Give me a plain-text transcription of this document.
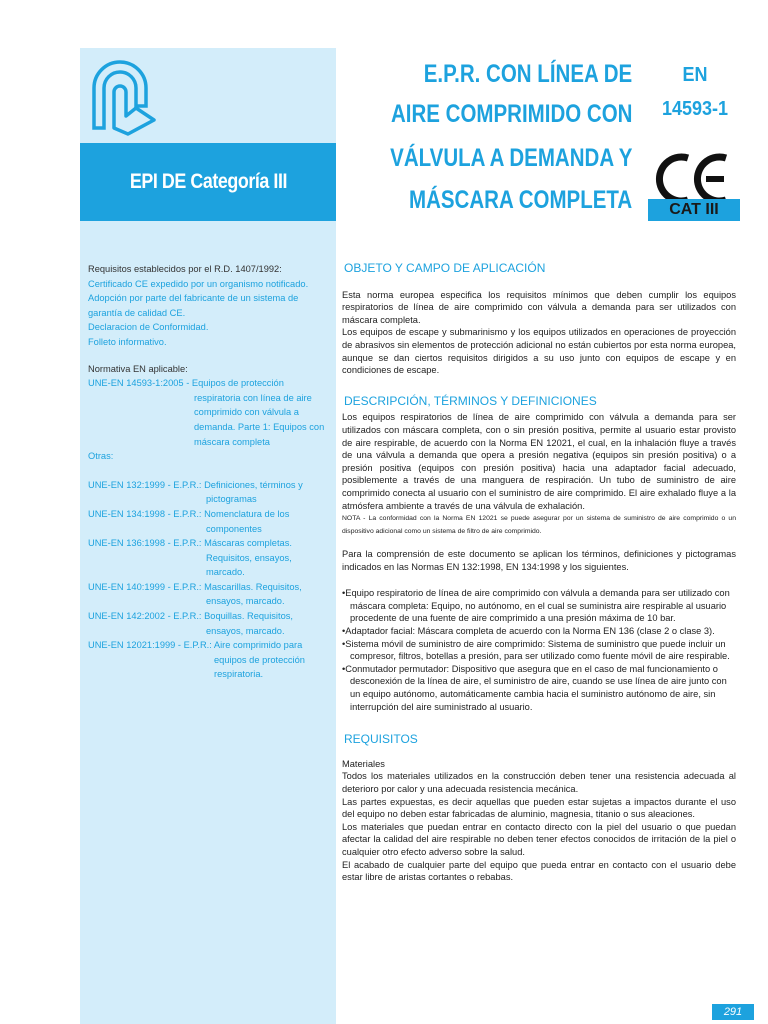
EPI DE Categoría III
E.P.R. CON LÍNEA DE
AIRE COMPRIMIDO CON
VÁLVULA A DEMANDA Y
MÁSCARA COMPLETA
EN
14593-1
CAT III
Requisitos establecidos por el R.D. 1407/1992:
Certificado CE expedido por un organismo notificado.
Adopción por parte del fabricante de un sistema de
garantía de calidad CE.
Declaracion de Conformidad.
Folleto informativo.
Normativa EN aplicable:
UNE-EN 14593-1:2005 - Equipos de protección
respiratoria con línea de aire
comprimido con válvula a
demanda. Parte 1: Equipos con
máscara completa
Otras:
UNE-EN 132:1999 - E.P.R.: Definiciones, términos y
pictogramas
UNE-EN 134:1998 - E.P.R.: Nomenclatura de los
componentes
UNE-EN 136:1998 - E.P.R.: Máscaras completas.
Requisitos, ensayos, marcado.
UNE-EN 140:1999 - E.P.R.: Mascarillas. Requisitos,
ensayos, marcado.
UNE-EN 142:2002 - E.P.R.: Boquillas. Requisitos,
ensayos, marcado.
UNE-EN 12021:1999 - E.P.R.: Aire comprimido para
equipos de protección
respiratoria.
OBJETO Y CAMPO DE APLICACIÓN

Esta norma europea especifica los requisitos mínimos que deben cumplir los equipos respiratorios de línea de aire comprimido con válvula a demanda para ser utilizados con máscara completa.

Los equipos de escape y submarinismo y los equipos utilizados en operaciones de proyección de abrasivos sin elementos de protección adicional no están cubiertos por esta norma europea, aunque se dan ciertos requisitos dirigidos a su uso junto con equipos de escape y en condiciones de escape.

DESCRIPCIÓN, TÉRMINOS Y DEFINICIONES

Los equipos respiratorios de línea de aire comprimido con válvula a demanda para ser utilizados con máscara completa, con o sin presión positiva, permite al usuario estar provisto de aire respirable, de acuerdo con la Norma EN 12021, el cual, en la inhalación fluye a través de una válvula a demanda que opera a presión negativa (equipos sin presión positiva) o a presión positiva (equipos con presión positiva) hacia una adaptador facial adecuado, posiblemente a través de una manguera de respiración. Un tubo de suministro de aire comprimido conecta al usuario con el suministro de aire comprimido. El aire exhalado fluye a la atmósfera ambiente a través de una válvula de exhalación.

NOTA - La conformidad con la Norma EN 12021 se puede asegurar por un sistema de suministro de aire comprimido o un dispositivo adicional como un sistema de filtro de aire comprimido.

Para la comprensión de este documento se aplican los términos, definiciones y pictogramas indicados en las Normas EN 132:1998, EN 134:1998 y los siguientes.

•Equipo respiratorio de línea de aire comprimido con válvula a demanda para ser utilizado con máscara completa: Equipo, no autónomo, en el cual se suministra aire respirable al usuario procedente de una fuente de aire comprimido a una presión máxima de 10 bar.
•Adaptador facial: Máscara completa de acuerdo con la Norma EN 136 (clase 2 o clase 3).
•Sistema móvil de suministro de aire comprimido: Sistema de suministro que puede incluir un compresor, filtros, botellas a presión, para ser utilizado como fuente móvil de aire respirable.
•Conmutador permutador: Dispositivo que asegura que en el caso de mal funcionamiento o desconexión de la línea de aire, el suministro de aire, cuando se use línea de aire junto con un equipo autónomo, automáticamente cambia hacia el suministro autónomo de aire, sin interrupción del aire suministrado al usuario.
REQUISITOS

Materiales

Todos los materiales utilizados en la construcción deben tener una resistencia adecuada al deterioro por calor y una adecuada resistencia mecánica.

Las partes expuestas, es decir aquellas que pueden estar sujetas a impactos durante el uso del equipo no deben estar fabricadas de aluminio, magnesia, titanio o sus aleaciones.

Los materiales que puedan entrar en contacto directo con la piel del usuario o que puedan afectar la calidad del aire respirable no deben tener efectos conocidos de irritación de la piel o cualquier otro efecto adverso sobre la salud.

El acabado de cualquier parte del equipo que pueda entrar en contacto con el usuario debe estar libre de aristas cortantes o rebabas.

291
